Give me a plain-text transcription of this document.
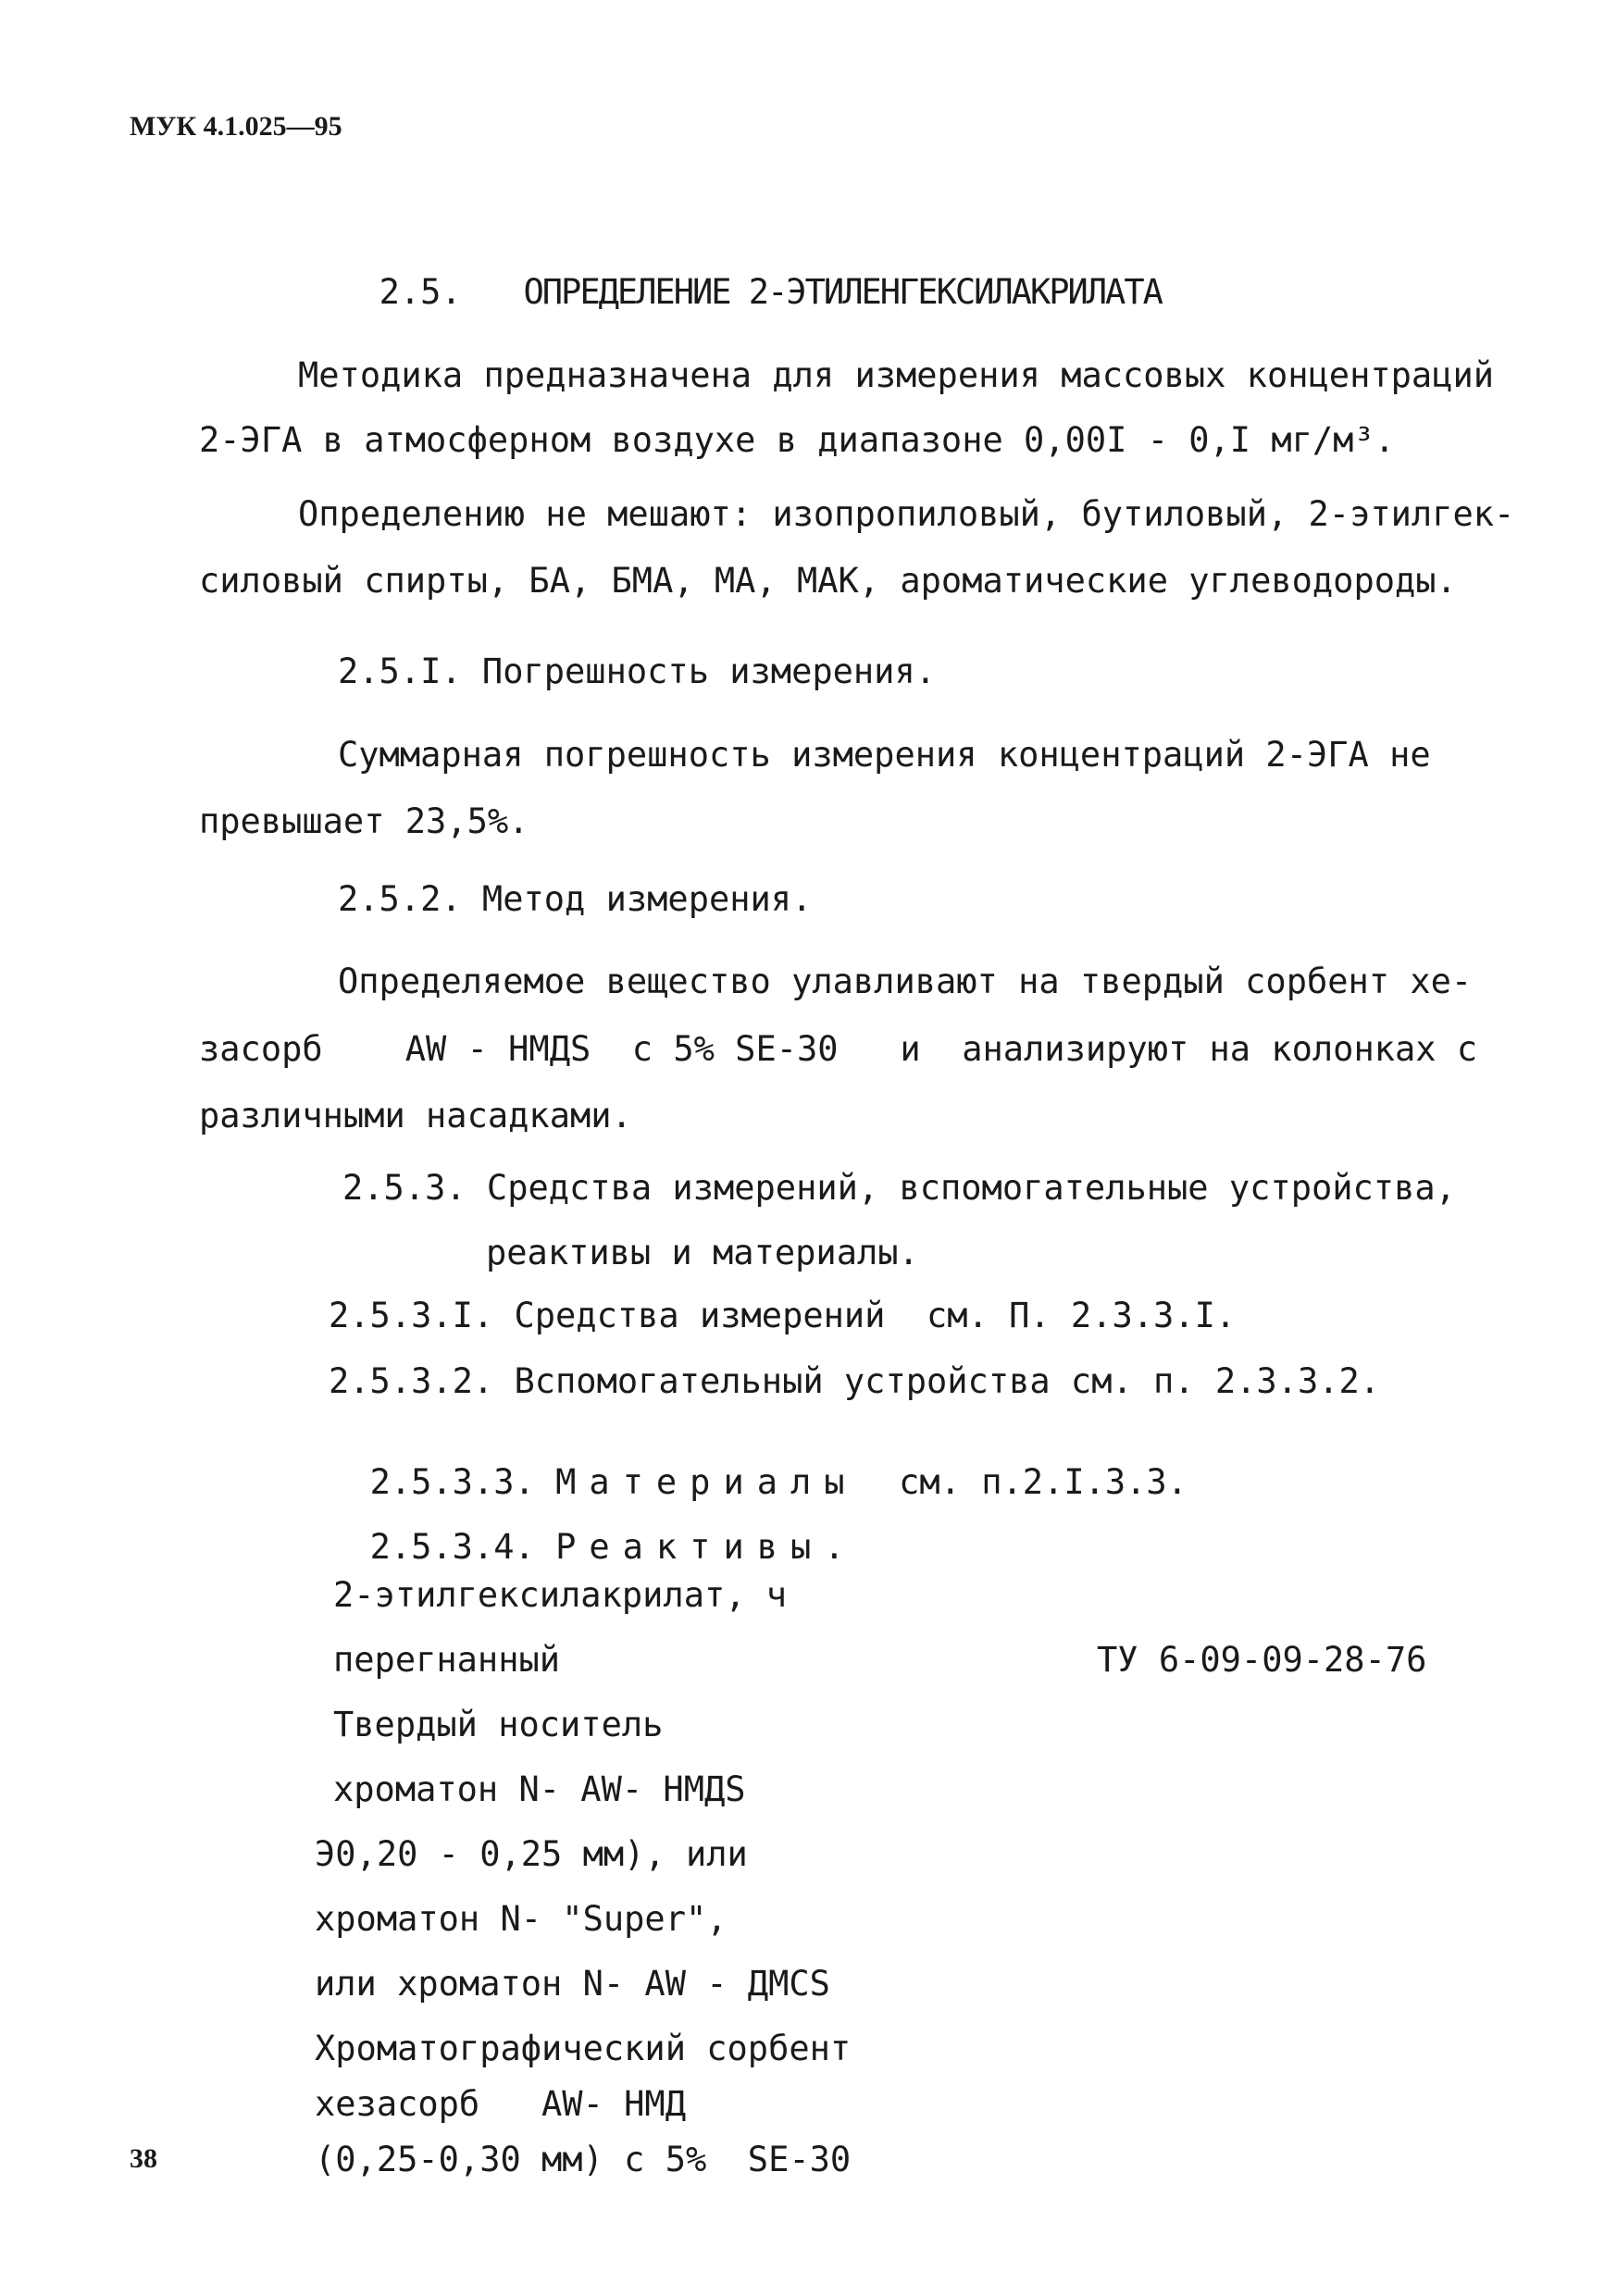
МУК 4.1.025—95

2.5. ОПРЕДЕЛЕНИЕ 2-ЭТИЛЕНГЕКСИЛАКРИЛАТА

Методика предназначена для измерения массовых концентраций
2-ЭГА в атмосферном воздухе в диапазоне 0,00I - 0,I мг/м³.
Определению не мешают: изопропиловый, бутиловый, 2-этилгек-
силовый спирты, БА, БМА, МА, МАК, ароматические углеводороды.
2.5.I. Погрешность измерения.
Суммарная погрешность измерения концентраций 2-ЭГА не
превышает 23,5%.
2.5.2. Метод измерения.
Определяемое вещество улавливают на твердый сорбент хе-
засорб    AW - HMДS  с 5% SE-30   и  анализируют на колонках с
различными насадками.
2.5.3. Средства измерений, вспомогательные устройства,
реактивы и материалы.
2.5.3.I. Средства измерений  см. П. 2.3.3.I.
2.5.3.2. Вспомогательный устройства см. п. 2.3.3.2.

2.5.3.3. Материалы см. п.2.I.3.3.

2.5.3.4. Реактивы.

2-этилгексилакрилат, ч
перегнанный	ТУ 6-09-09-28-76
Твердый носитель
хроматон N- AW- HMДS
Э0,20 - 0,25 мм), или
хроматон N- "Super",
или хроматон N- AW - ДМСS
Хроматографический сорбент
хезасорб   AW- HMД
(0,25-0,30 мм) с 5%  SE-30
38
